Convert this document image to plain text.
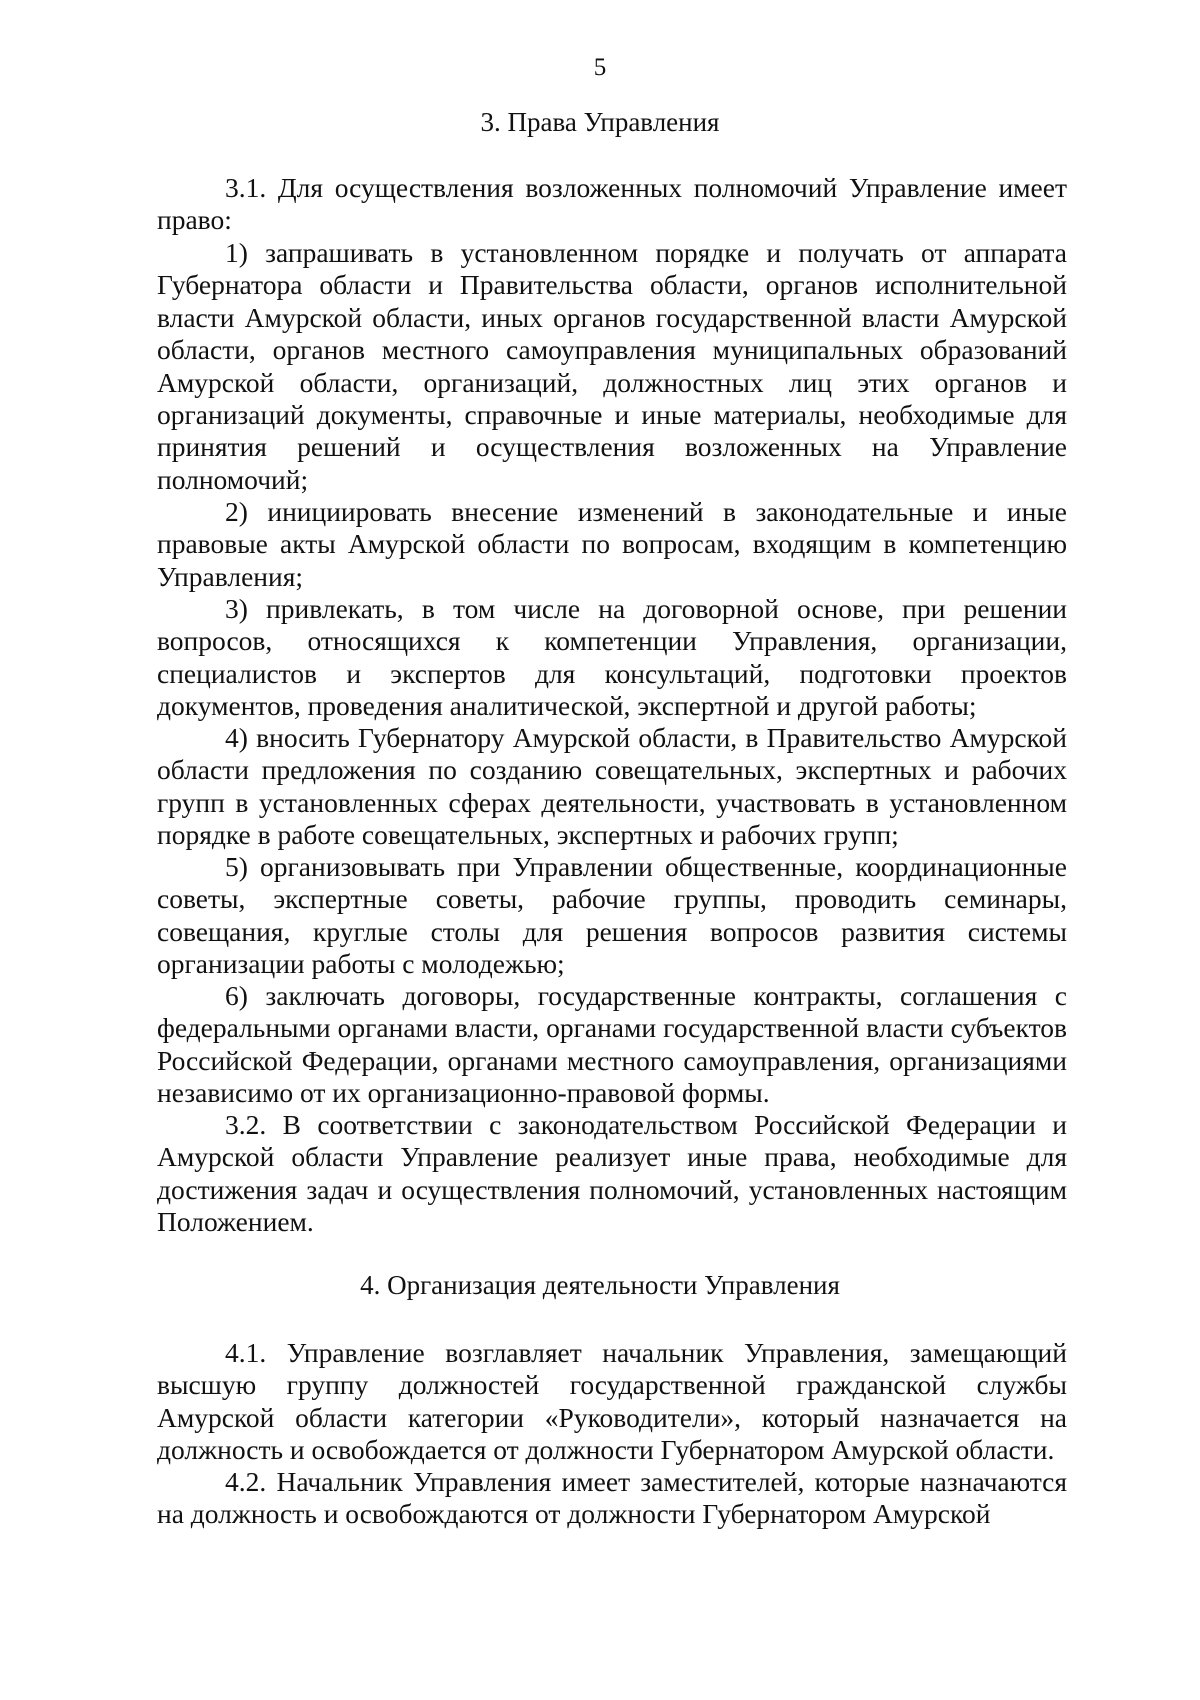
5
3. Права Управления

3.1. Для осуществления возложенных полномочий Управление имеет право:

1) запрашивать в установленном порядке и получать от аппарата Губернатора области и Правительства области, органов исполнительной власти Амурской области, иных органов государственной власти Амурской области, органов местного самоуправления муниципальных образований Амурской области, организаций, должностных лиц этих органов и организаций документы, справочные и иные материалы, необходимые для принятия решений и осуществления возложенных на Управление полномочий;

2) инициировать внесение изменений в законодательные и иные правовые акты Амурской области по вопросам, входящим в компетенцию Управления;

3) привлекать, в том числе на договорной основе, при решении вопросов, относящихся к компетенции Управления, организации, специалистов и экспертов для консультаций, подготовки проектов документов, проведения аналитической, экспертной и другой работы;

4) вносить Губернатору Амурской области, в Правительство Амурской области предложения по созданию совещательных, экспертных и рабочих групп в установленных сферах деятельности, участвовать в установленном порядке в работе совещательных, экспертных и рабочих групп;

5) организовывать при Управлении общественные, координационные советы, экспертные советы, рабочие группы, проводить семинары, совещания, круглые столы для решения вопросов развития системы организации работы с молодежью;

6) заключать договоры, государственные контракты, соглашения с федеральными органами власти, органами государственной власти субъектов Российской Федерации, органами местного самоуправления, организациями независимо от их организационно-правовой формы.

3.2. В соответствии с законодательством Российской Федерации и Амурской области Управление реализует иные права, необходимые для достижения задач и осуществления полномочий, установленных настоящим Положением.

4. Организация деятельности Управления

4.1. Управление возглавляет начальник Управления, замещающий высшую группу должностей государственной гражданской службы Амурской области категории «Руководители», который назначается на должность и освобождается от должности Губернатором Амурской области.

4.2. Начальник Управления имеет заместителей, которые назначаются на должность и освобождаются от должности Губернатором Амурской
